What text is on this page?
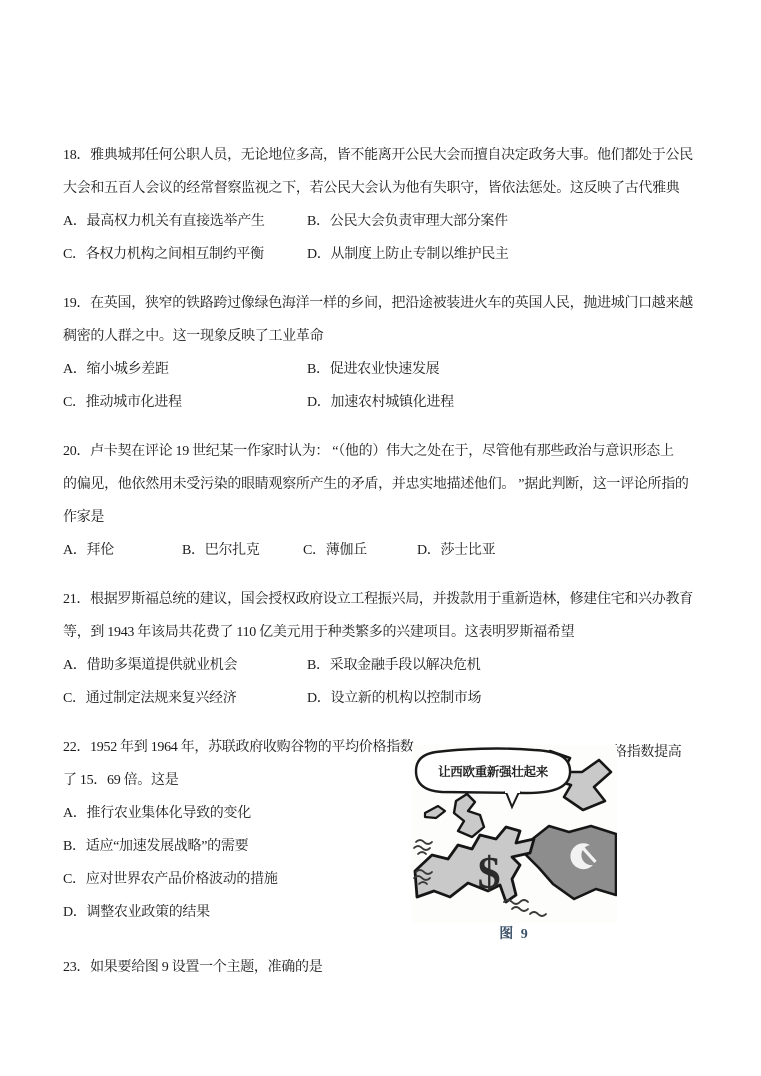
18．雅典城邦任何公职人员，无论地位多高，皆不能离开公民大会而擅自决定政务大事。他们都处于公民
大会和五百人会议的经常督察监视之下，若公民大会认为他有失职守，皆依法惩处。这反映了古代雅典
A．最高权力机关有直接选举产生	B．公民大会负责审理大部分案件
C．各权力机构之间相互制约平衡	D．从制度上防止专制以维护民主
19．在英国，狭窄的铁路跨过像绿色海洋一样的乡间，把沿途被装进火车的英国人民，抛进城门口越来越
稠密的人群之中。这一现象反映了工业革命
A．缩小城乡差距	B．促进农业快速发展
C．推动城市化进程	D．加速农村城镇化进程
20．卢卡契在评论 19 世纪某一作家时认为： “（他的）伟大之处在于，尽管他有那些政治与意识形态上
的偏见，他依然用未受污染的眼睛观察所产生的矛盾，并忠实地描述他们。 ”据此判断，这一评论所指的
作家是
A．拜伦	B．巴尔扎克	C．薄伽丘	D．莎士比亚
21．根据罗斯福总统的建议，国会授权政府设立工程振兴局，并拨款用于重新造林，修建住宅和兴办教育
等，到 1943 年该局共花费了 110 亿美元用于种类繁多的兴建项目。这表明罗斯福希望
A．借助多渠道提供就业机会	B．采取金融手段以解决危机
C．通过制定法规来复兴经济	D．设立新的机构以控制市场
22．1952 年到 1964 年，苏联政府收购谷物的平均价格指数	格指数提高
了 15．69 倍。这是
A．推行农业集体化导致的变化
B．适应“加速发展战略”的需要
C．应对世界农产品价格波动的措施
D．调整农业政策的结果
$
让西欧重新强壮起来
图 9
23．如果要给图 9 设置一个主题，准确的是
